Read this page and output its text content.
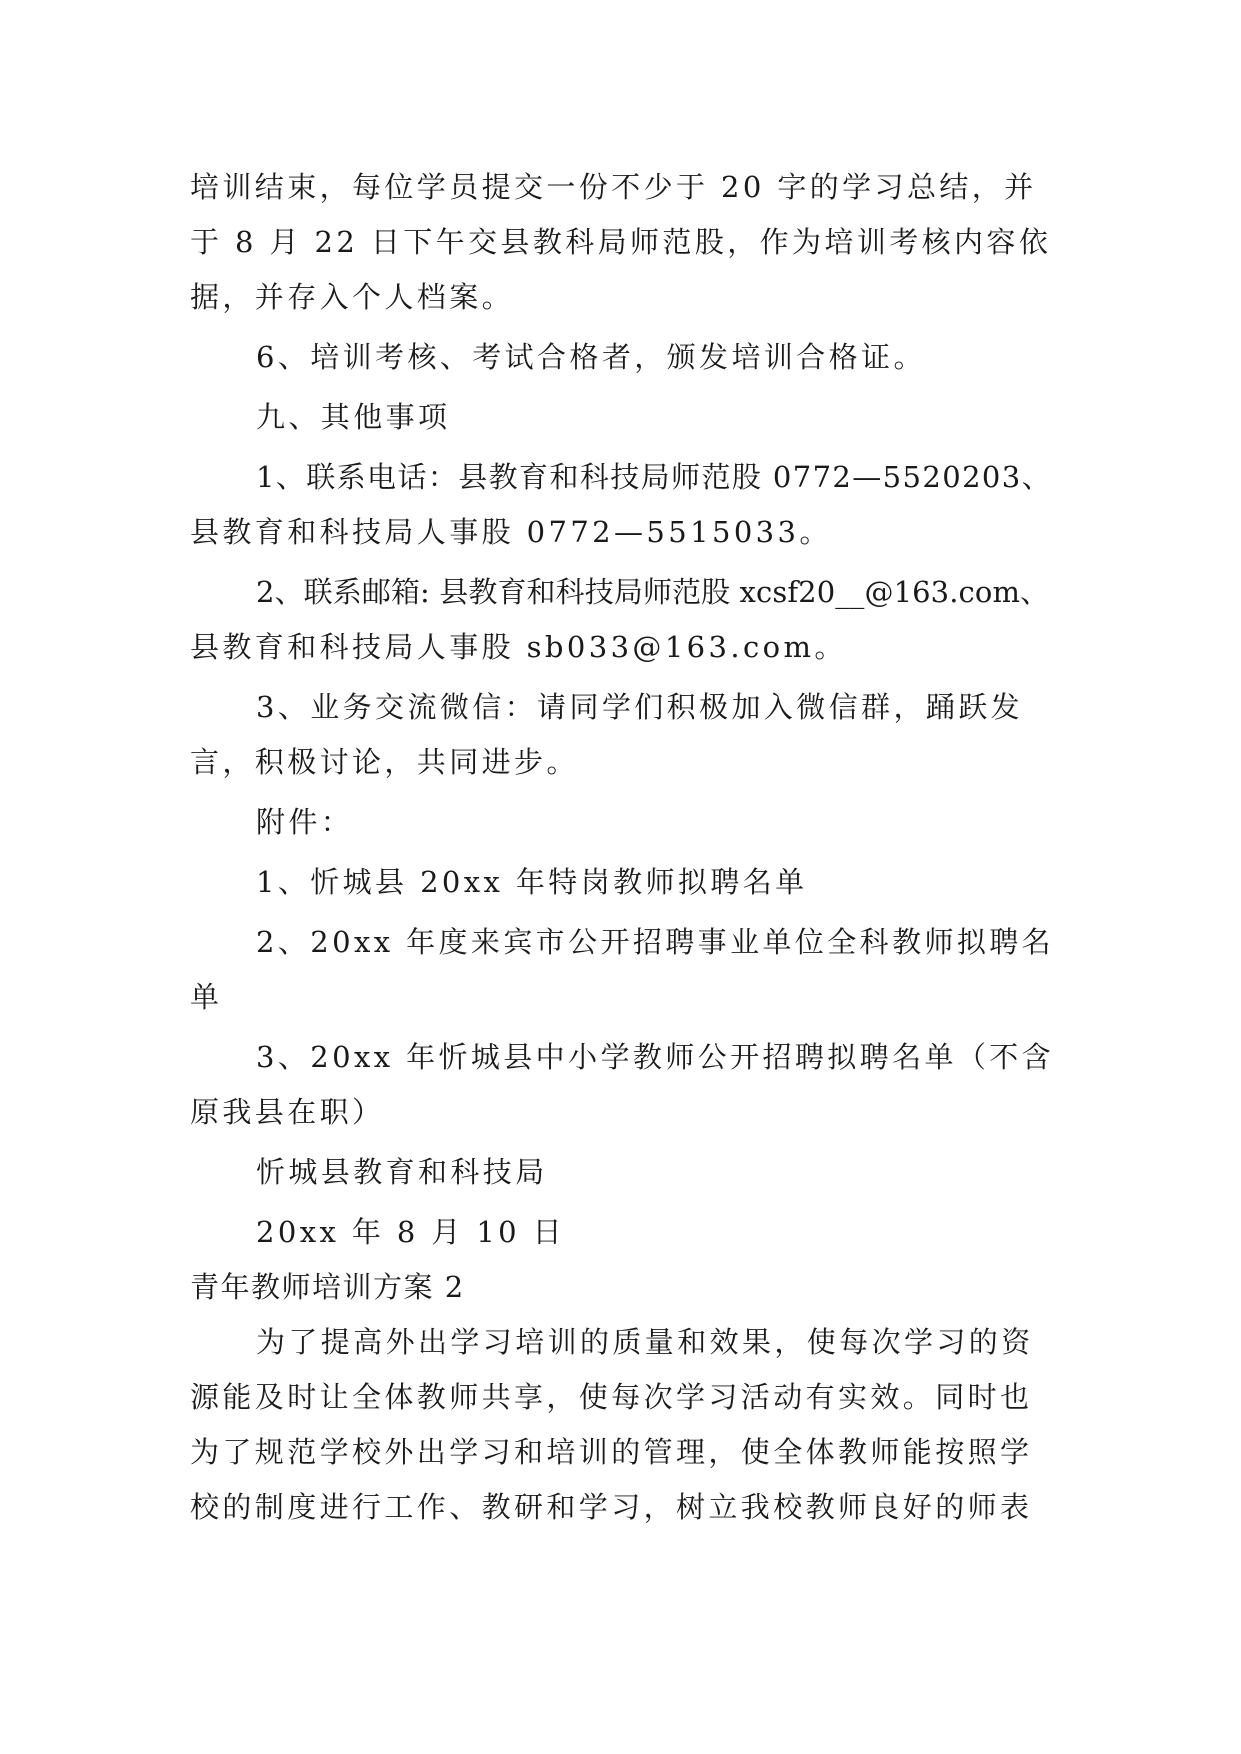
培训结束，每位学员提交一份不少于 20 字的学习总结，并
于 8 月 22 日下午交县教科局师范股，作为培训考核内容依
据，并存入个人档案。
6、培训考核、考试合格者，颁发培训合格证。
九、其他事项
1、联系电话：县教育和科技局师范股 0772—5520203、
县教育和科技局人事股 0772—5515033。
2、联系邮箱: 县教育和科技局师范股 xcsf20__@163.com、
县教育和科技局人事股 sb033@163.com。
3、业务交流微信：请同学们积极加入微信群，踊跃发
言，积极讨论，共同进步。
附件：
1、忻城县 20xx 年特岗教师拟聘名单
2、20xx 年度来宾市公开招聘事业单位全科教师拟聘名
单
3、20xx 年忻城县中小学教师公开招聘拟聘名单（不含
原我县在职）
忻城县教育和科技局
20xx 年 8 月 10 日
青年教师培训方案 2
为了提高外出学习培训的质量和效果，使每次学习的资
源能及时让全体教师共享，使每次学习活动有实效。同时也
为了规范学校外出学习和培训的管理，使全体教师能按照学
校的制度进行工作、教研和学习，树立我校教师良好的师表
